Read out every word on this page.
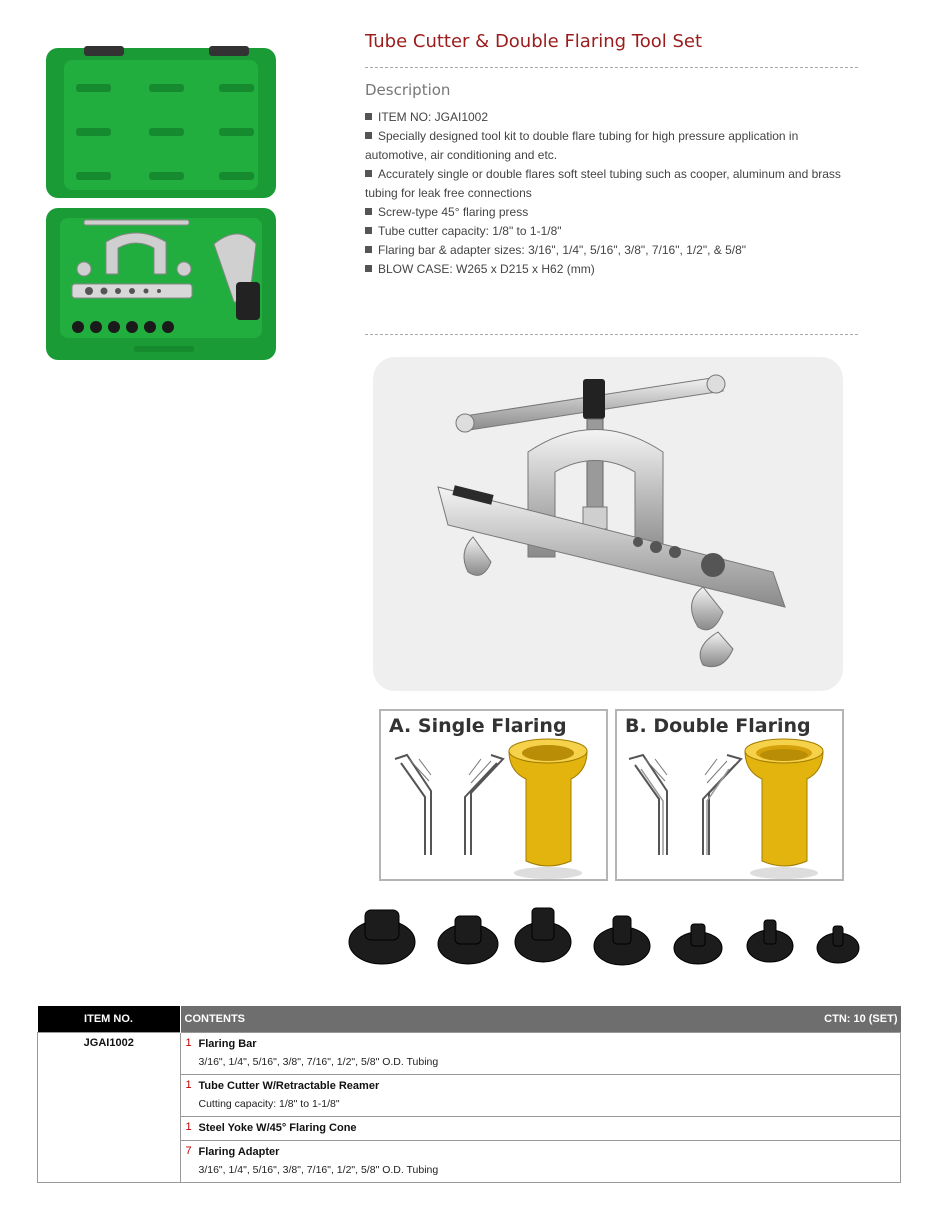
Tube Cutter & Double Flaring Tool Set
Description
ITEM NO: JGAI1002
Specially designed tool kit to double flare tubing for high pressure application in automotive, air conditioning and etc.
Accurately single or double flares soft steel tubing such as cooper, aluminum and brass tubing for leak free connections
Screw-type 45° flaring press
Tube cutter capacity: 1/8" to 1-1/8"
Flaring bar & adapter sizes: 3/16", 1/4", 5/16", 3/8", 7/16", 1/2", & 5/8"
BLOW CASE: W265 x D215 x H62 (mm)
A. Single Flaring	B. Double Flaring
ITEM NO.	CONTENTS CTN: 10 (SET)	

JGAI1002	1	Flaring Bar
3/16", 1/4", 5/16", 3/8", 7/16", 1/2", 5/8" O.D. Tubing

	1	Tube Cutter W/Retractable Reamer
Cutting capacity: 1/8" to 1-1/8"

	1	Steel Yoke W/45° Flaring Cone

	7	Flaring Adapter
3/16", 1/4", 5/16", 3/8", 7/16", 1/2", 5/8" O.D. Tubing
